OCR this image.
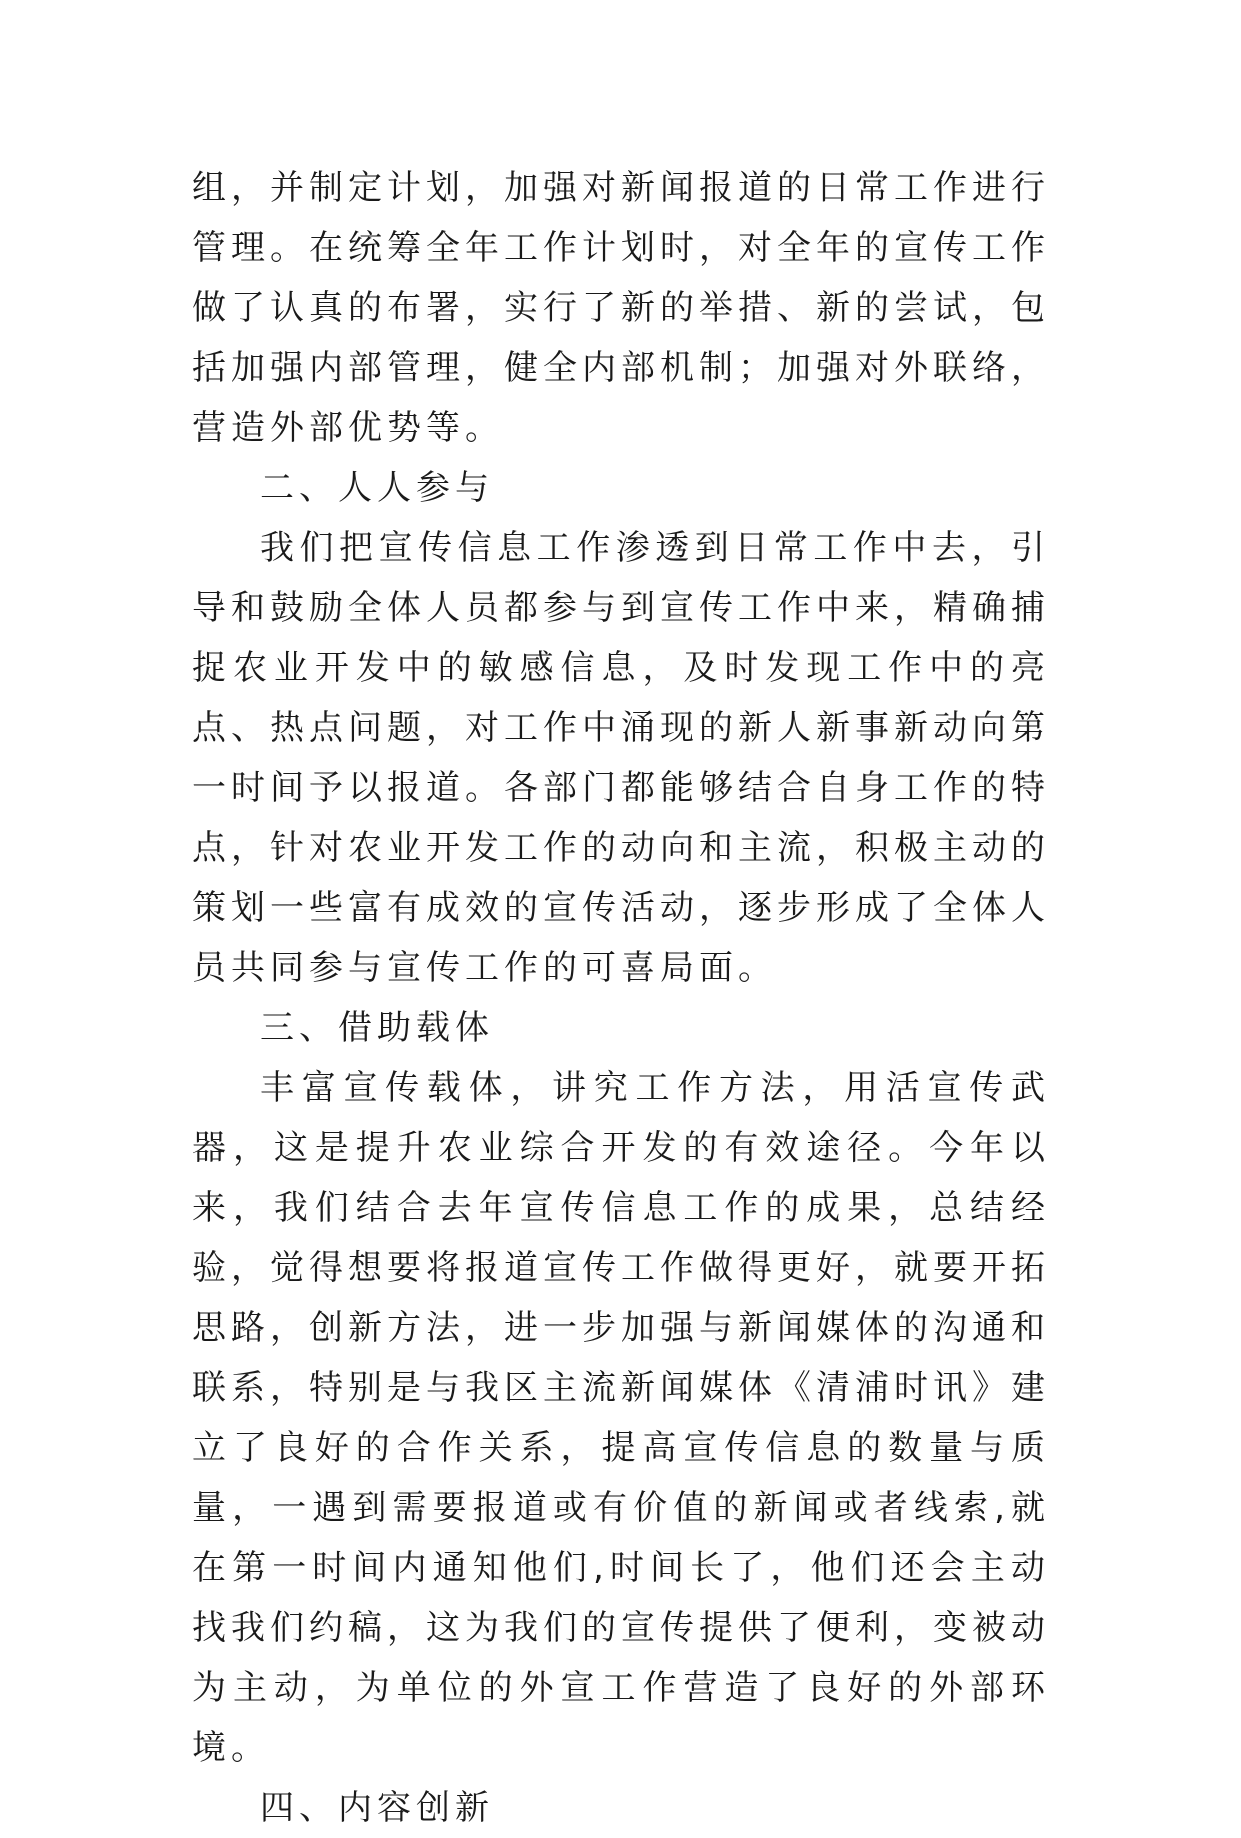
组，并制定计划，加强对新闻报道的日常工作进行管理。在统筹全年工作计划时，对全年的宣传工作做了认真的布署，实行了新的举措、新的尝试，包括加强内部管理，健全内部机制；加强对外联络，营造外部优势等。

二、人人参与

我们把宣传信息工作渗透到日常工作中去，引导和鼓励全体人员都参与到宣传工作中来，精确捕捉农业开发中的敏感信息，及时发现工作中的亮点、热点问题，对工作中涌现的新人新事新动向第一时间予以报道。各部门都能够结合自身工作的特点，针对农业开发工作的动向和主流，积极主动的策划一些富有成效的宣传活动，逐步形成了全体人员共同参与宣传工作的可喜局面。

三、借助载体

丰富宣传载体，讲究工作方法，用活宣传武器，这是提升农业综合开发的有效途径。今年以来，我们结合去年宣传信息工作的成果，总结经验，觉得想要将报道宣传工作做得更好，就要开拓思路，创新方法，进一步加强与新闻媒体的沟通和联系，特别是与我区主流新闻媒体《清浦时讯》建立了良好的合作关系，提高宣传信息的数量与质量，一遇到需要报道或有价值的新闻或者线索,就在第一时间内通知他们,时间长了，他们还会主动找我们约稿，这为我们的宣传提供了便利，变被动为主动，为单位的外宣工作营造了良好的外部环境。

四、内容创新
